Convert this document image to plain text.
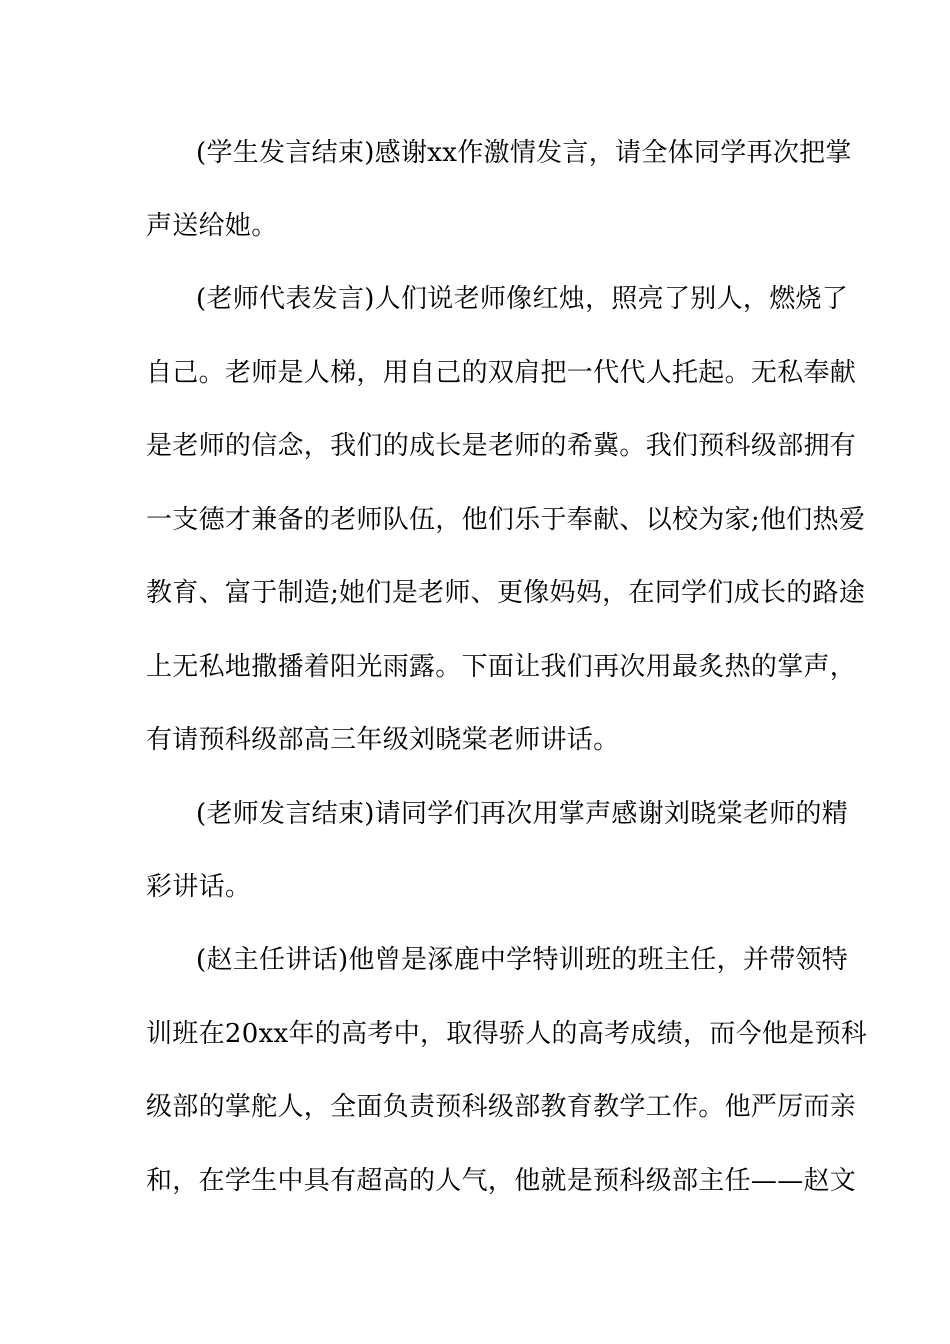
(学生发言结束)感谢xx作激情发言，请全体同学再次把掌
声送给她。
(老师代表发言)人们说老师像红烛，照亮了别人，燃烧了
自己。老师是人梯，用自己的双肩把一代代人托起。无私奉献
是老师的信念，我们的成长是老师的希冀。我们预科级部拥有
一支德才兼备的老师队伍，他们乐于奉献、以校为家;他们热爱
教育、富于制造;她们是老师、更像妈妈，在同学们成长的路途
上无私地撒播着阳光雨露。下面让我们再次用最炙热的掌声，
有请预科级部高三年级刘晓棠老师讲话。
(老师发言结束)请同学们再次用掌声感谢刘晓棠老师的精
彩讲话。
(赵主任讲话)他曾是涿鹿中学特训班的班主任，并带领特
训班在20xx年的高考中，取得骄人的高考成绩，而今他是预科
级部的掌舵人，全面负责预科级部教育教学工作。他严厉而亲
和，在学生中具有超高的人气，他就是预科级部主任——赵文
